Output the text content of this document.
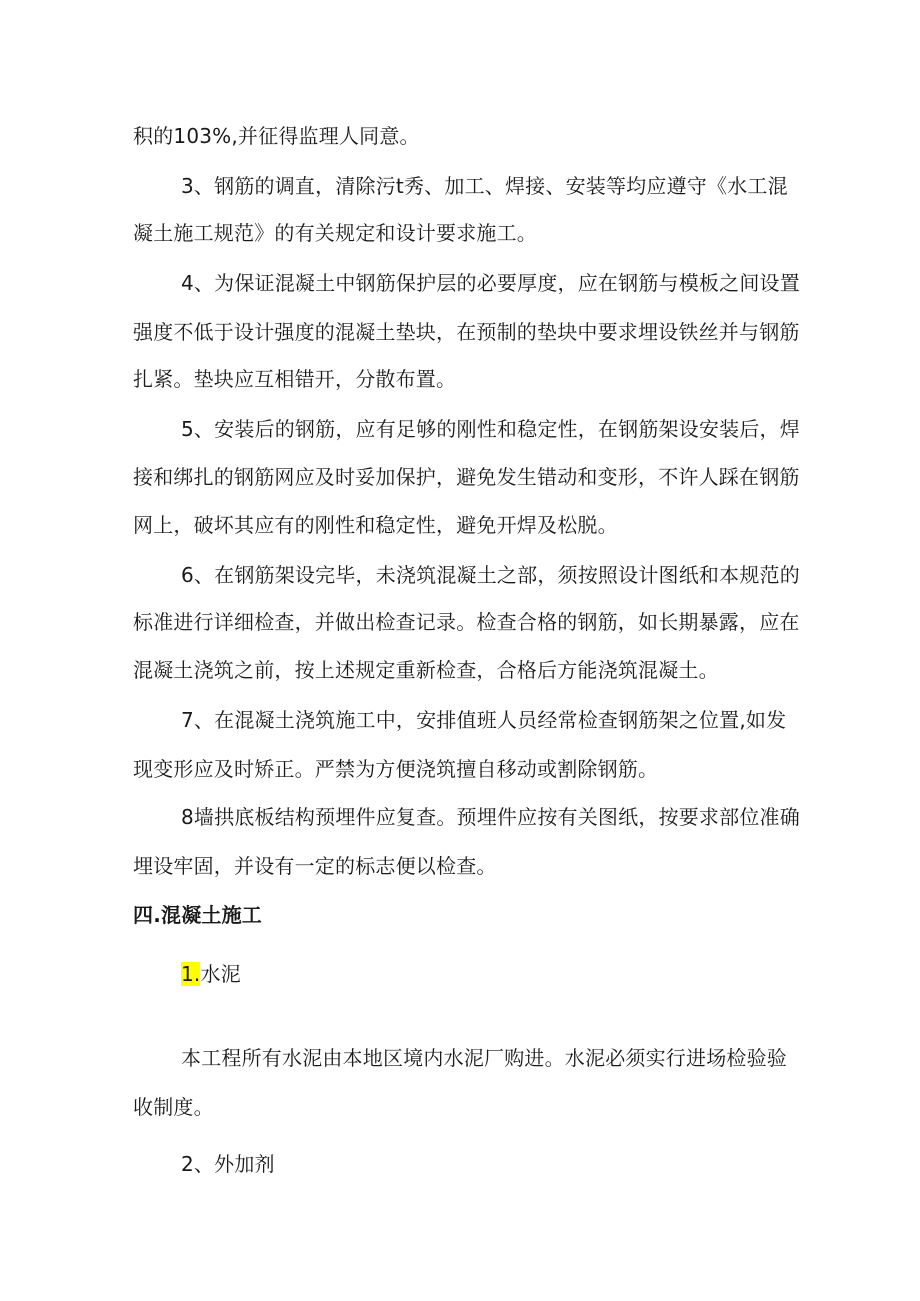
积的103%,并征得监理人同意。
3、钢筋的调直，清除污t秀、加工、焊接、安装等均应遵守《水工混
凝土施工规范》的有关规定和设计要求施工。
4、为保证混凝土中钢筋保护层的必要厚度，应在钢筋与模板之间设置
强度不低于设计强度的混凝土垫块，在预制的垫块中要求埋设铁丝并与钢筋
扎紧。垫块应互相错开，分散布置。
5、安装后的钢筋，应有足够的刚性和稳定性，在钢筋架设安装后，焊
接和绑扎的钢筋网应及时妥加保护，避免发生错动和变形，不许人踩在钢筋
网上，破坏其应有的刚性和稳定性，避免开焊及松脱。
6、在钢筋架设完毕，未浇筑混凝土之部，须按照设计图纸和本规范的
标准进行详细检查，并做出检查记录。检查合格的钢筋，如长期暴露，应在
混凝土浇筑之前，按上述规定重新检查，合格后方能浇筑混凝土。
7、在混凝土浇筑施工中，安排值班人员经常检查钢筋架之位置,如发
现变形应及时矫正。严禁为方便浇筑擅自移动或割除钢筋。
8墙拱底板结构预埋件应复查。预埋件应按有关图纸，按要求部位准确
埋设牢固，并设有一定的标志便以检查。
四.混凝土施工
1.水泥
本工程所有水泥由本地区境内水泥厂购进。水泥必须实行进场检验验
收制度。
2、外加剂
